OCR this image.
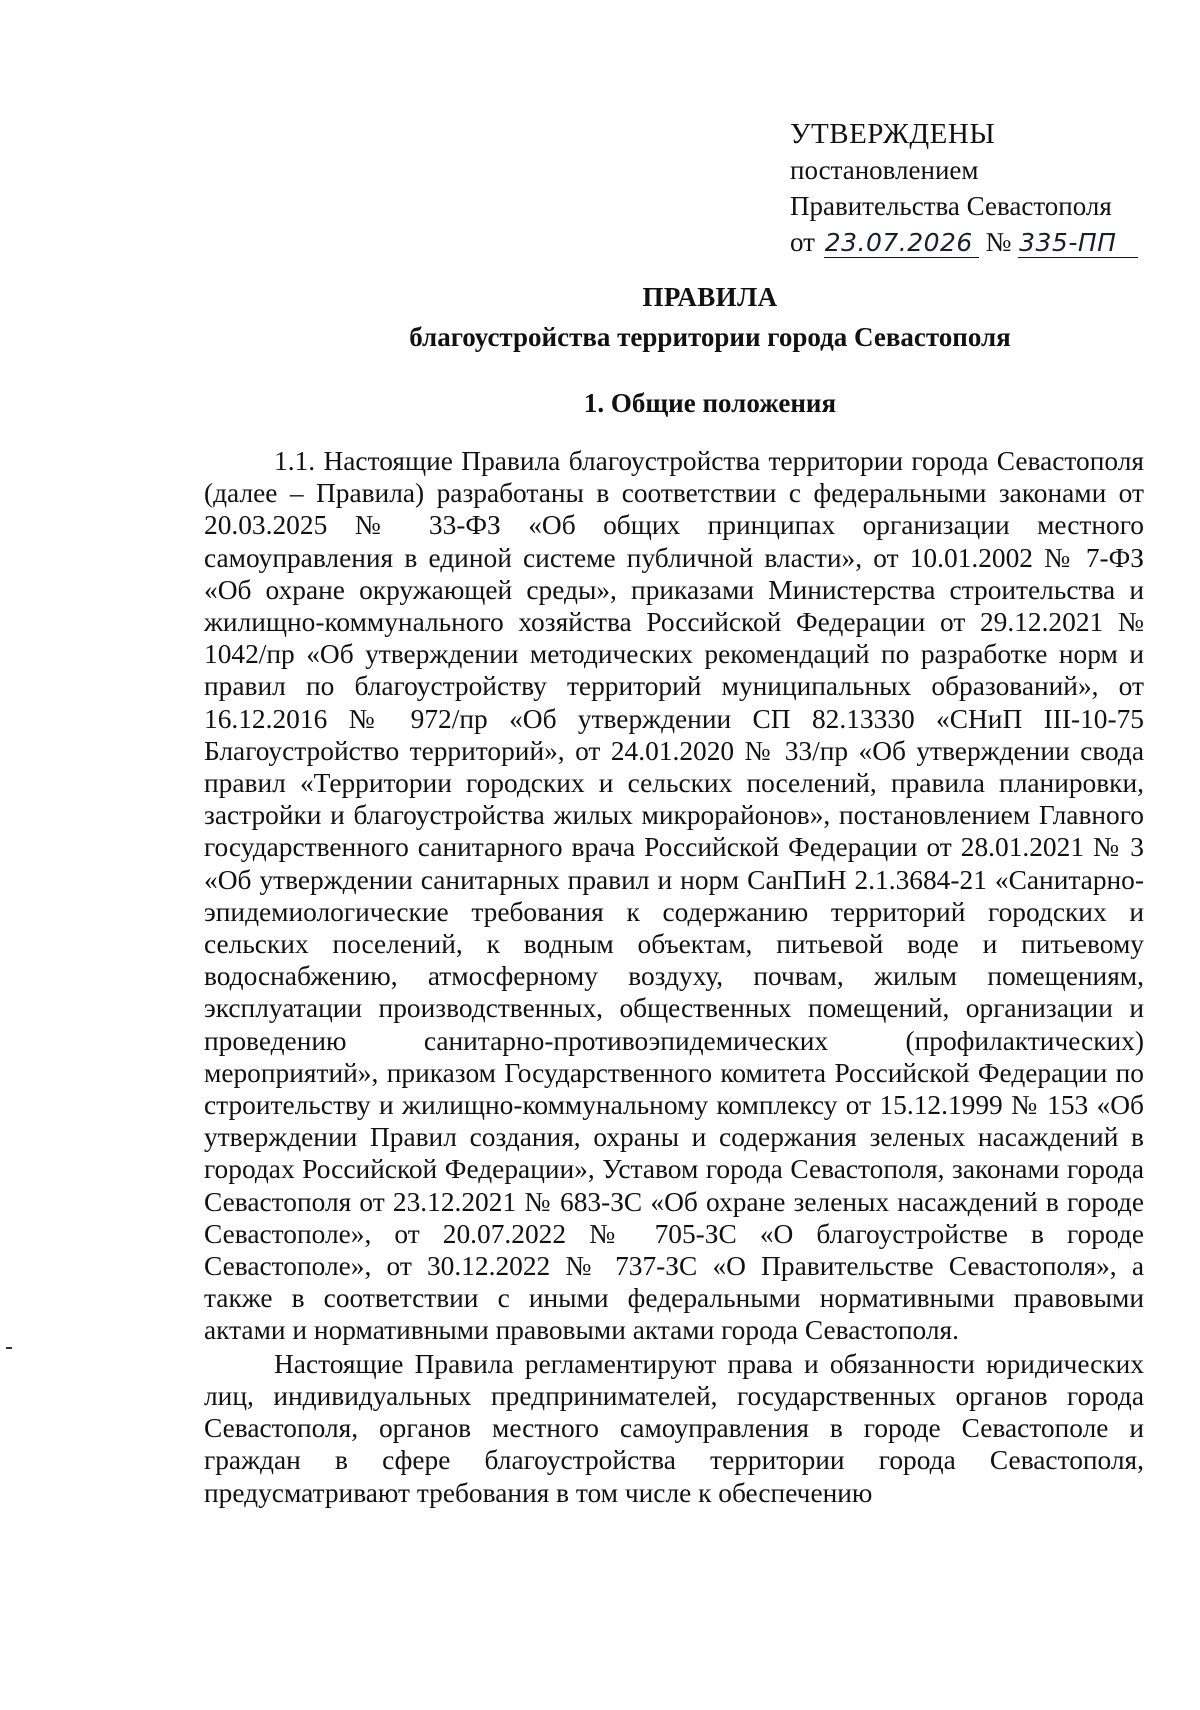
УТВЕРЖДЕНЫ
постановлением
Правительства Севастополя
от 23.07.2026 № 335-ПП
ПРАВИЛА
благоустройства территории города Севастополя
1. Общие положения

1.1. Настоящие Правила благоустройства территории города Севастополя (далее – Правила) разработаны в соответствии с федеральными законами от 20.03.2025 № 33-ФЗ «Об общих принципах организации местного самоуправления в единой системе публичной власти», от 10.01.2002 № 7-ФЗ «Об охране окружающей среды», приказами Министерства строительства и жилищно-коммунального хозяйства Российской Федерации от 29.12.2021 № 1042/пр «Об утверждении методических рекомендаций по разработке норм и правил по благоустройству территорий муниципальных образований», от 16.12.2016 № 972/пр «Об утверждении СП 82.13330 «СНиП III-10-75 Благоустройство территорий», от 24.01.2020 № 33/пр «Об утверждении свода правил «Территории городских и сельских поселений, правила планировки, застройки и благоустройства жилых микрорайонов», постановлением Главного государственного санитарного врача Российской Федерации от 28.01.2021 № 3 «Об утверждении санитарных правил и норм СанПиН 2.1.3684-21 «Санитарно-эпидемиологические требования к содержанию территорий городских и сельских поселений, к водным объектам, питьевой воде и питьевому водоснабжению, атмосферному воздуху, почвам, жилым помещениям, эксплуатации производственных, общественных помещений, организации и проведению санитарно-противоэпидемических (профилактических) мероприятий», приказом Государственного комитета Российской Федерации по строительству и жилищно-коммунальному комплексу от 15.12.1999 № 153 «Об утверждении Правил создания, охраны и содержания зеленых насаждений в городах Российской Федерации», Уставом города Севастополя, законами города Севастополя от 23.12.2021 № 683-ЗС «Об охране зеленых насаждений в городе Севастополе», от 20.07.2022 № 705-ЗС «О благоустройстве в городе Севастополе», от 30.12.2022 № 737-ЗС «О Правительстве Севастополя», а также в соответствии с иными федеральными нормативными правовыми актами и нормативными правовыми актами города Севастополя.

Настоящие Правила регламентируют права и обязанности юридических лиц, индивидуальных предпринимателей, государственных органов города Севастополя, органов местного самоуправления в городе Севастополе и граждан в сфере благоустройства территории города Севастополя, предусматривают требования в том числе к обеспечению
